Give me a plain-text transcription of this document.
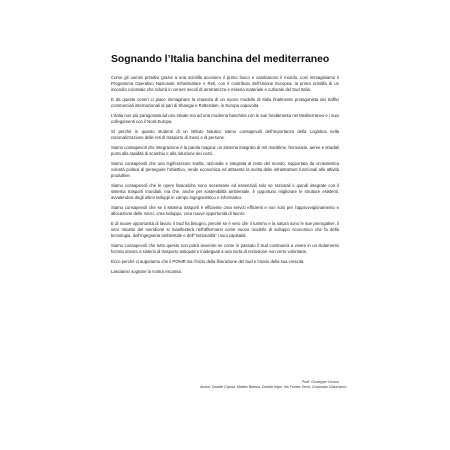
Sognando l’Italia banchina del mediterraneo

Come gli uomini primitivi grazie a una scintilla accesero il primo fuoco e cambiarono il mondo, così immaginiamo il Programma Operativo Nazionale Infrastrutture e Reti, con il contributo dell’Unione Europea, la prima scintilla di un incendio colossale che ridurrà in cenere secoli di arretratezza e miseria materiale e culturale del Sud Italia.

E da queste ceneri ci piace immaginare la rinascita di un nuovo modello di Italia finalmente protagonista dei traffici commerciali internazionali al pari di Shangai e Rotterdam, in Europa capovolta.

L’Italia non più paragonata ad uno stivale ma ad una moderna banchina con le sue fondamenta nel Mediterraneo e i suoi collegamenti con il Nord Europa.

Sì perché in quanto studenti di un istituto Nautico siamo consapevoli dell’importanza della Logistica nella razionalizzazione delle reti di trasporto di merci e di persone.

Siamo consapevoli che integrazione è la parola magica: un sistema integrato di reti marittime, ferroviarie, aeree e stradali porta alla rapidità di scambio e alla riduzione dei costi.

Siamo consapevoli che una legiferazione snella, razionale e integrata al resto del mondo, supportata da un’autentica volontà politica di perseguire l’obiettivo, rende economica ed attraente la scelta delle infrastrutture funzionali alle attività produttive.

Siamo consapevoli che le opere faraoniche sono necessarie ed essenziali solo se razionali e quindi integrate con il sistema trasporti mondiali, ma che, anche per sostenibilità ambientale, è opportuno migliorare le strutture esistenti, avvalendosi degli ultimi sviluppi in campo ingegneristico e informatico.

Siamo consapevoli che se il sistema trasporti è efficiente crea servizi efficienti e non solo per l’approvvigionamento e allocazione delle merci, crea sviluppo, crea nuove opportunità di lavoro.

E di nuove opportunità di lavoro il Sud ha bisogno, perché se è vero che il turismo e la natura sono le sue prerogative, il vero riscatto del meridione si manifesterà nell’affermarsi come nuovo modello di sviluppo economico che fa della tecnologia, dell’ingegneria ambientale e dell’“razionalità” i suoi capisaldi.

Siamo consapevoli che tutto questo non potrà avvenire se come in passato il Sud continuerà a vivere in un isolamento forzato dovuto a sistemi di trasporto antiquati e inadeguati a una sorta di reclusione non certo volontaria.

Ecco perché ci auguriamo che il PONIR sia l’inizio della liberazione del Sud e l’avvio della sua crescita.

Lasciateci sognare la nostra riscossa.

Proff. Giuseppe Crusco
Alunni: Davide Capua, Matteo Balena, Davide Ielpo, Iris Fontes Terra, Cozzolato Gianmarco
